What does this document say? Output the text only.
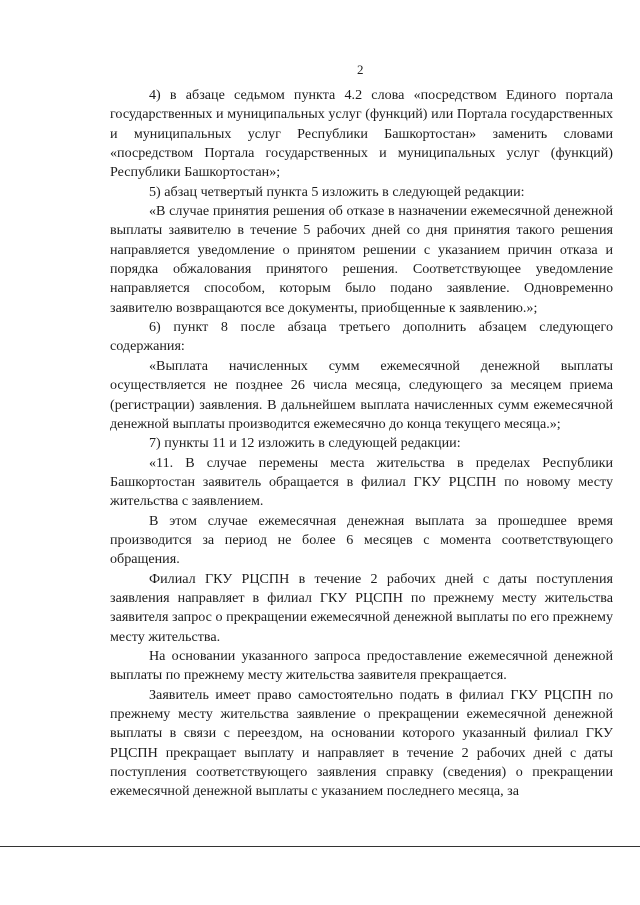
2

4) в абзаце седьмом пункта 4.2 слова «посредством Единого портала государственных и муниципальных услуг (функций) или Портала государственных и муниципальных услуг Республики Башкортостан» заменить словами «посредством Портала государственных и муниципальных услуг (функций) Республики Башкортостан»;

5) абзац четвертый пункта 5 изложить в следующей редакции:

«В случае принятия решения об отказе в назначении ежемесячной денежной выплаты заявителю в течение 5 рабочих дней со дня принятия такого решения направляется уведомление о принятом решении с указанием причин отказа и порядка обжалования принятого решения. Соответствующее уведомление направляется способом, которым было подано заявление. Одновременно заявителю возвращаются все документы, приобщенные к заявлению.»;

6) пункт 8 после абзаца третьего дополнить абзацем следующего содержания:

«Выплата начисленных сумм ежемесячной денежной выплаты осуществляется не позднее 26 числа месяца, следующего за месяцем приема (регистрации) заявления. В дальнейшем выплата начисленных сумм ежемесячной денежной выплаты производится ежемесячно до конца текущего месяца.»;

7) пункты 11 и 12 изложить в следующей редакции:

«11. В случае перемены места жительства в пределах Республики Башкортостан заявитель обращается в филиал ГКУ РЦСПН по новому месту жительства с заявлением.

В этом случае ежемесячная денежная выплата за прошедшее время производится за период не более 6 месяцев с момента соответствующего обращения.

Филиал ГКУ РЦСПН в течение 2 рабочих дней с даты поступления заявления направляет в филиал ГКУ РЦСПН по прежнему месту жительства заявителя запрос о прекращении ежемесячной денежной выплаты по его прежнему месту жительства.

На основании указанного запроса предоставление ежемесячной денежной выплаты по прежнему месту жительства заявителя прекращается.

Заявитель имеет право самостоятельно подать в филиал ГКУ РЦСПН по прежнему месту жительства заявление о прекращении ежемесячной денежной выплаты в связи с переездом, на основании которого указанный филиал ГКУ РЦСПН прекращает выплату и направляет в течение 2 рабочих дней с даты поступления соответствующего заявления справку (сведения) о прекращении ежемесячной денежной выплаты с указанием последнего месяца, за
